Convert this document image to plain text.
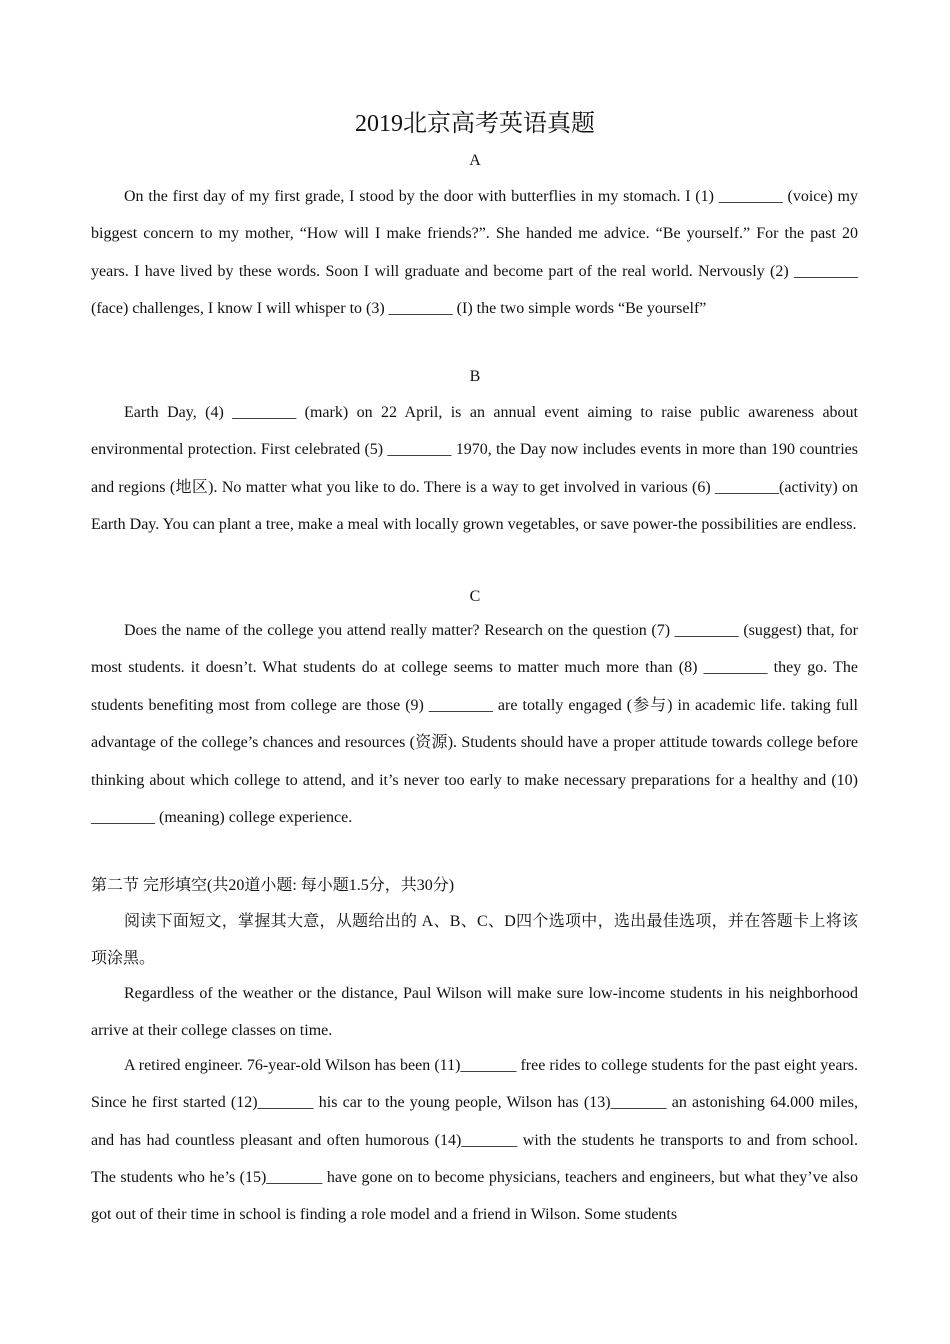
2019北京高考英语真题
A

On the first day of my first grade, I stood by the door with butterflies in my stomach. I (1) ________ (voice) my biggest concern to my mother, “How will I make friends?”. She handed me advice. “Be yourself.” For the past 20 years. I have lived by these words. Soon I will graduate and become part of the real world. Nervously (2) ________ (face) challenges, I know I will whisper to (3) ________ (I) the two simple words “Be yourself”

B

Earth Day, (4) ________ (mark) on 22 April, is an annual event aiming to raise public awareness about environmental protection. First celebrated (5) ________ 1970, the Day now includes events in more than 190 countries and regions (地区). No matter what you like to do. There is a way to get involved in various (6) ________(activity) on Earth Day. You can plant a tree, make a meal with locally grown vegetables, or save power-the possibilities are endless.

C

Does the name of the college you attend really matter? Research on the question (7) ________ (suggest) that, for most students. it doesn’t. What students do at college seems to matter much more than (8) ________ they go. The students benefiting most from college are those (9) ________ are totally engaged (参与) in academic life. taking full advantage of the college’s chances and resources (资源). Students should have a proper attitude towards college before thinking about which college to attend, and it’s never too early to make necessary preparations for a healthy and (10) ________ (meaning) college experience.

第二节 完形填空(共20道小题: 每小题1.5分，共30分)

阅读下面短文，掌握其大意，从题给出的 A、B、C、D四个选项中，选出最佳选项，并在答题卡上将该项涂黑。

Regardless of the weather or the distance, Paul Wilson will make sure low-income students in his neighborhood arrive at their college classes on time.

A retired engineer. 76-year-old Wilson has been (11)_______ free rides to college students for the past eight years. Since he first started (12)_______ his car to the young people, Wilson has (13)_______ an astonishing 64.000 miles, and has had countless pleasant and often humorous (14)_______ with the students he transports to and from school. The students who he’s (15)_______ have gone on to become physicians, teachers and engineers, but what they’ve also got out of their time in school is finding a role model and a friend in Wilson. Some students
